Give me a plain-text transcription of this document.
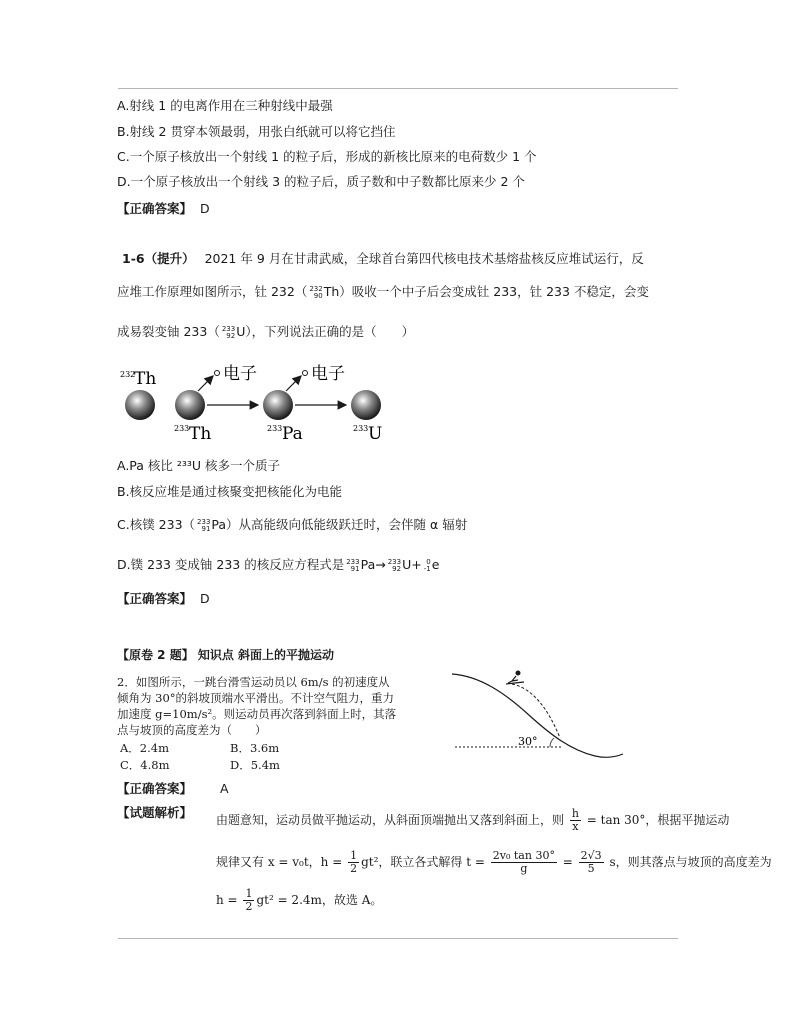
A.射线 1 的电离作用在三种射线中最强
B.射线 2 贯穿本领最弱，用张白纸就可以将它挡住
C.一个原子核放出一个射线 1 的粒子后，形成的新核比原来的电荷数少 1 个
D.一个原子核放出一个射线 3 的粒子后，质子数和中子数都比原来少 2 个
【正确答案】 D
1-6（提升） 2021 年 9 月在甘肃武威，全球首台第四代核电技术基熔盐核反应堆试运行，反
应堆工作原理如图所示，钍 232（ 232
90 Th）吸收一个中子后会变成钍 233，钍 233 不稳定，会变
成易裂变铀 233（ 233
92 U），下列说法正确的是（　　）
电子	电子
232
Th
233 Th	233 Pa	233 U
A.Pa 核比 ²³³U 核多一个质子
B.核反应堆是通过核聚变把核能化为电能
C.核镤 233（ 233
91 Pa）从高能级向低能级跃迁时，会伴随 α 辐射
D.镤 233 变成铀 233 的核反应方程式是 233
91 Pa→ 233
92 U+ 0
-1 e
【正确答案】 D
【原卷 2 题】 知识点 斜面上的平抛运动
2．如图所示，一跳台滑雪运动员以 6m/s 的初速度从
倾角为 30°的斜坡顶端水平滑出。不计空气阻力，重力
加速度 g=10m/s²。则运动员再次落到斜面上时，其落
点与坡顶的高度差为（　　）
A．2.4m	B．3.6m
C．4.8m	D．5.4m
30°
【正确答案】 A
【试题解析】 由题意知，运动员做平抛运动，从斜面顶端抛出又落到斜面上，则 $\frac{h}{x} = \tan 30^\circ$，根据平抛运动
规律又有 x = v₀t，$h = \frac{1}{2} gt^2$，联立各式解得 $t = \frac{\text{2v₀ tan 30°}}{g} = \frac{2√3}{5}$ s，则其落点与坡顶的高度差为
$h = \frac{1}{2} gt^2 = 2.4m$，故选 A。
